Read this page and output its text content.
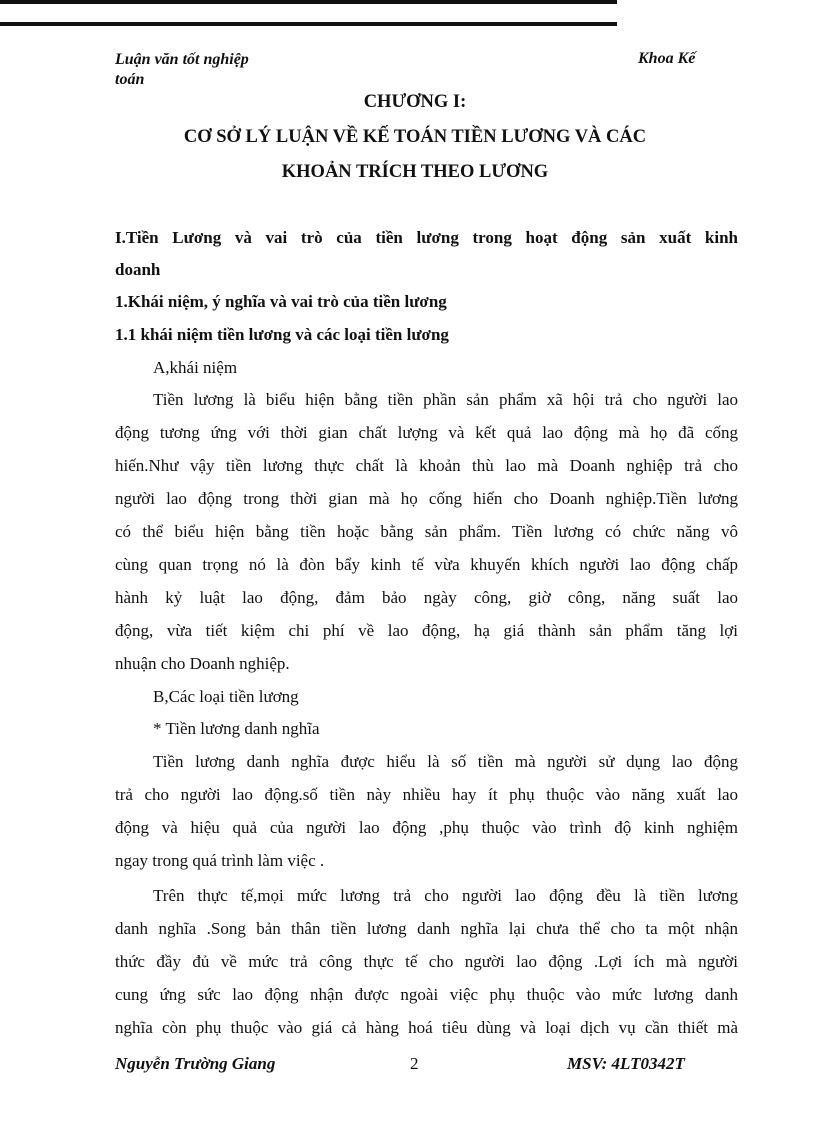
Luận văn tốt nghiệp
toán
Khoa Kế
CHƯƠNG I:
CƠ SỞ LÝ LUẬN VỀ KẾ TOÁN TIỀN LƯƠNG VÀ CÁC
KHOẢN TRÍCH THEO LƯƠNG
I.Tiền Lương và vai trò của tiền lương trong hoạt động sản xuất kinh
doanh
1.Khái niệm, ý nghĩa và vai trò của tiền lương
1.1 khái niệm tiền lương và các loại tiền lương
A,khái niệm
Tiền lương là biểu hiện bằng tiền phần sản phẩm xã hội trả cho người lao
động tương ứng với thời gian chất lượng và kết quả lao động mà họ đã cống
hiến.Như vậy tiền lương thực chất là khoản thù lao mà Doanh nghiệp trả cho
người lao động trong thời gian mà họ cống hiến cho Doanh nghiệp.Tiền lương
có thể biểu hiện bằng tiền hoặc bằng sản phẩm. Tiền lương có chức năng vô
cùng quan trọng nó là đòn bẩy kinh tế vừa khuyến khích người lao động chấp
hành kỷ luật lao động, đảm bảo ngày công, giờ công, năng suất lao
động, vừa tiết kiệm chi phí về lao động, hạ giá thành sản phẩm tăng lợi
nhuận cho Doanh nghiệp.
B,Các loại tiền lương
* Tiền lương danh nghĩa
Tiền lương danh nghĩa được hiểu là số tiền mà người sử dụng lao động
trả cho người lao động.số tiền này nhiều hay ít phụ thuộc vào năng xuất lao
động và hiệu quả của người lao động ,phụ thuộc vào trình độ kinh nghiệm
ngay trong quá trình làm việc .
Trên thực tế,mọi mức lương trả cho người lao động đều là tiền lương
danh nghĩa .Song bản thân tiền lương danh nghĩa lại chưa thể cho ta một nhận
thức đầy đủ về mức trả công thực tế cho người lao động .Lợi ích mà người
cung ứng sức lao động nhận được ngoài việc phụ thuộc vào mức lương danh
nghĩa còn phụ thuộc vào giá cả hàng hoá tiêu dùng và loại dịch vụ cần thiết mà
Nguyễn Trường Giang	2	MSV: 4LT0342T
